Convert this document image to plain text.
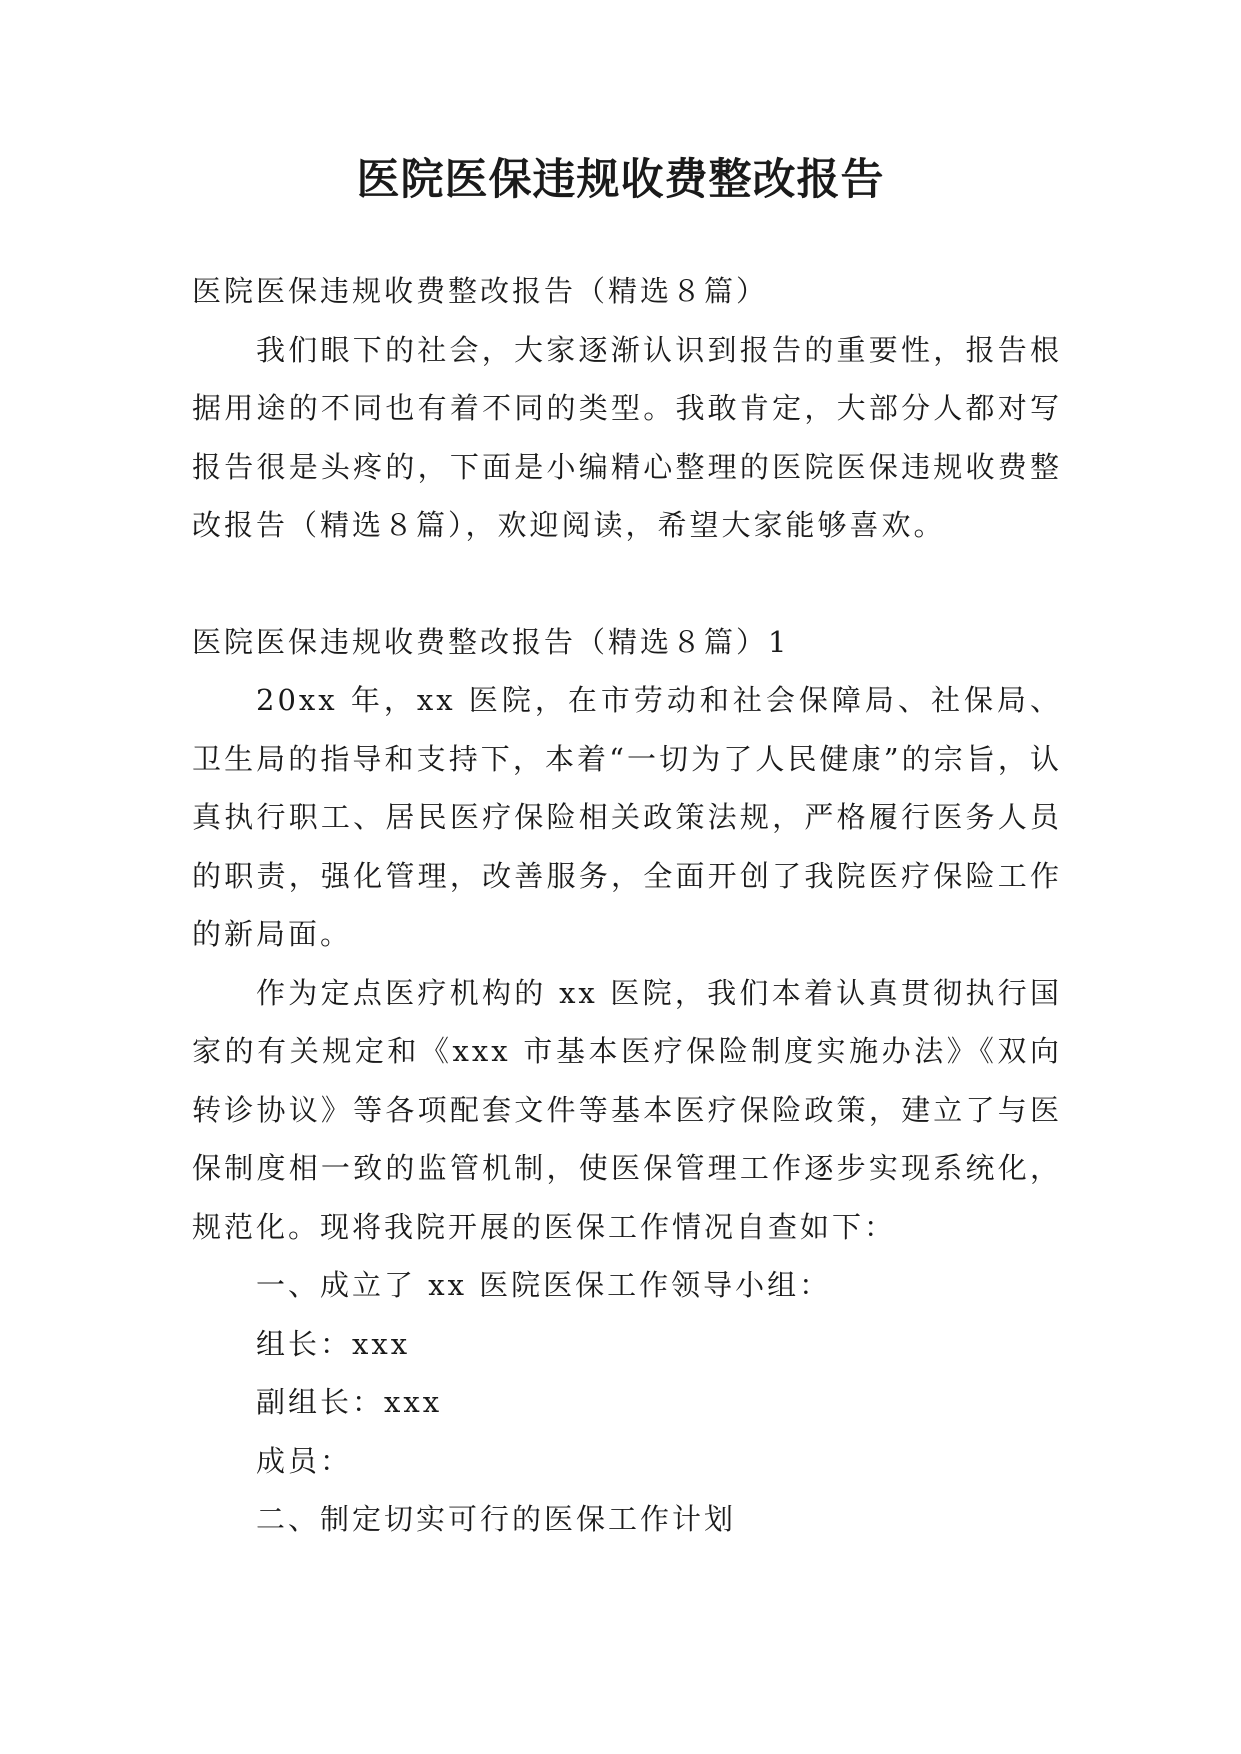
医院医保违规收费整改报告

医院医保违规收费整改报告（精选８篇）

我们眼下的社会，大家逐渐认识到报告的重要性，报告根据用途的不同也有着不同的类型。我敢肯定，大部分人都对写报告很是头疼的，下面是小编精心整理的医院医保违规收费整改报告（精选８篇），欢迎阅读，希望大家能够喜欢。

医院医保违规收费整改报告（精选８篇）1

20xx 年，xx 医院，在市劳动和社会保障局、社保局、卫生局的指导和支持下，本着“一切为了人民健康”的宗旨，认真执行职工、居民医疗保险相关政策法规，严格履行医务人员的职责，强化管理，改善服务，全面开创了我院医疗保险工作的新局面。

作为定点医疗机构的 xx 医院，我们本着认真贯彻执行国家的有关规定和《xxx 市基本医疗保险制度实施办法》《双向转诊协议》等各项配套文件等基本医疗保险政策，建立了与医保制度相一致的监管机制，使医保管理工作逐步实现系统化，规范化。现将我院开展的医保工作情况自查如下：

一、成立了 xx 医院医保工作领导小组：

组长：xxx

副组长：xxx

成员：

二、制定切实可行的医保工作计划
